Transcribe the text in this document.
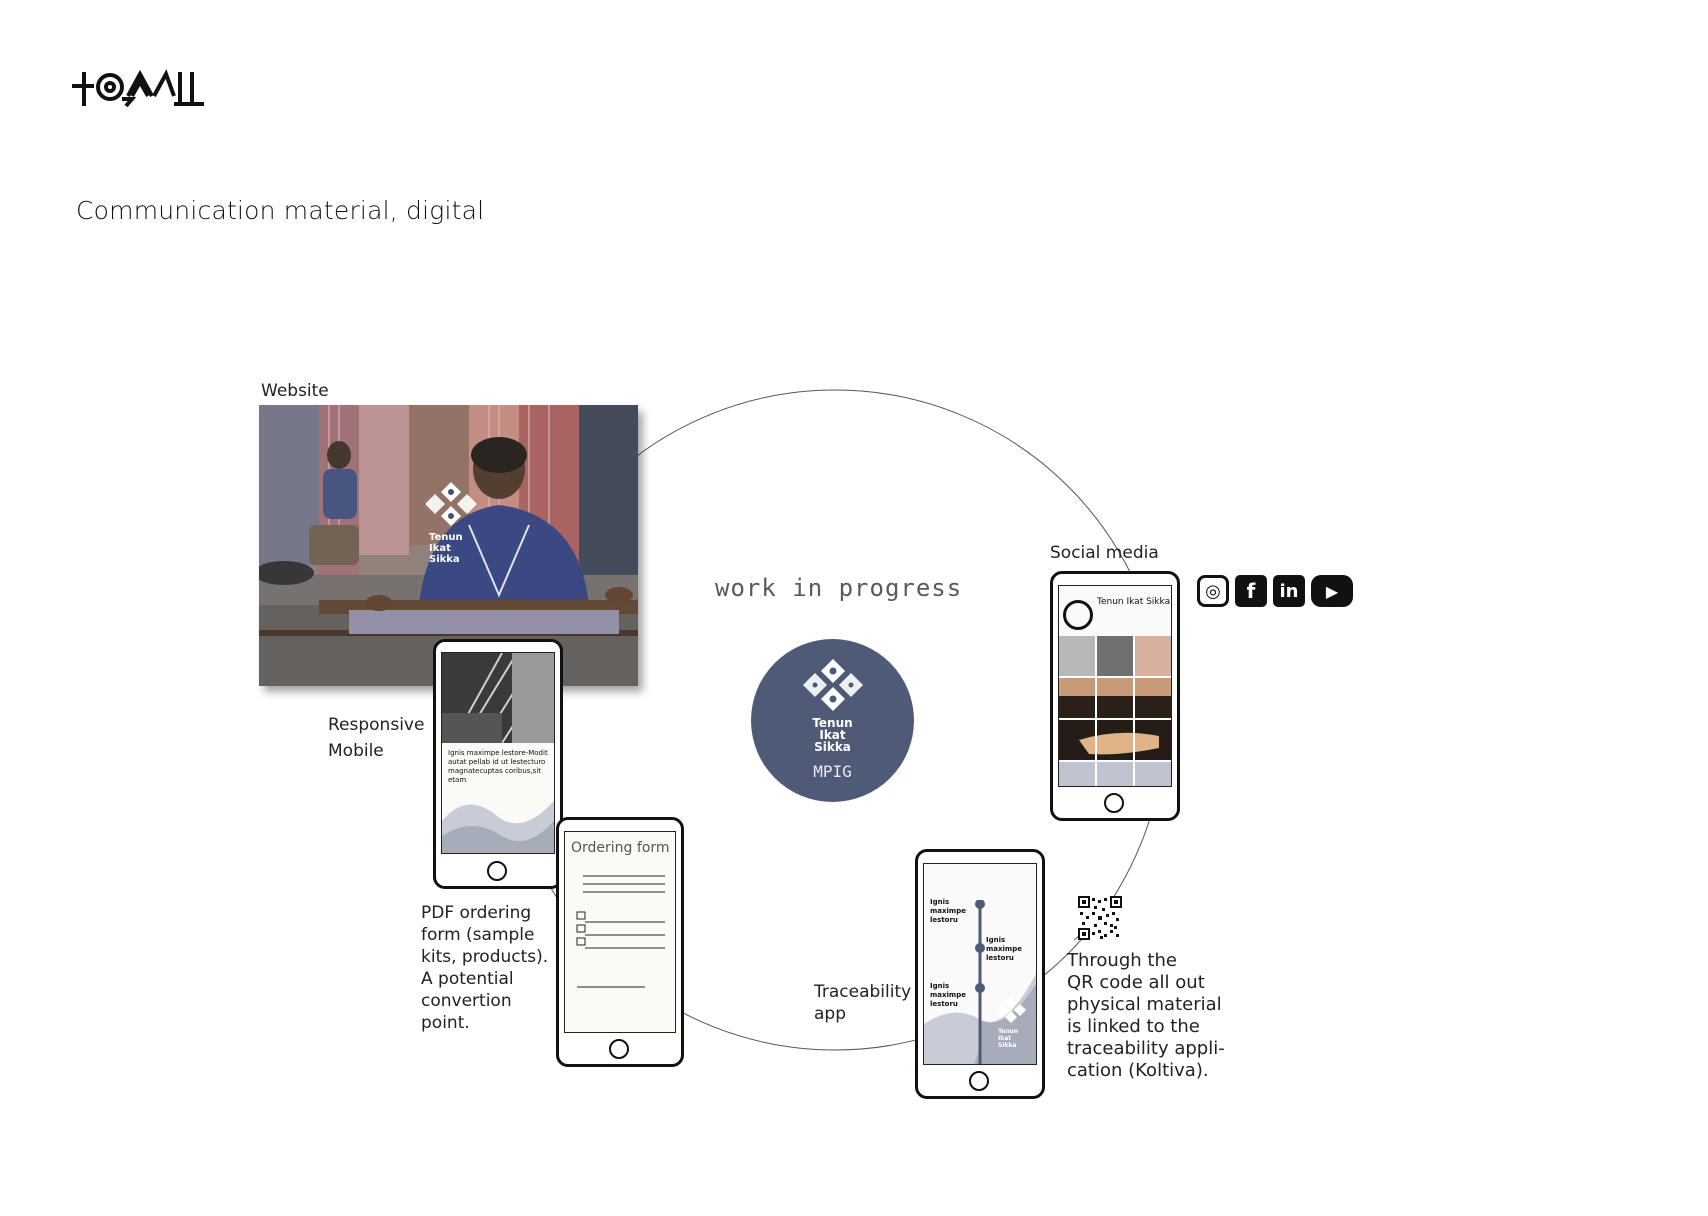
Communication material, digital
Website
Tenun
Ikat
Sikka
Responsive
Mobile	Ignis maximpe lestore-Modit autat pellab id ut lestecturo magnatecuptas coribus,sit etam
Ordering form
PDF ordering
form (sample
kits, products).
A potential
convertion
point.
work in progress
Tenun
Ikat
Sikka
MPIG
Social media
Tenun Ikat Sikka
◎	f	in	▶
Traceability
app
Ignis maximpe lestoru
Ignis maximpe lestoru
Ignis maximpe lestoru
Tenun
Ikat
Sikka
Through the
QR code all out
physical material
is linked to the
traceability appli-
cation (Koltiva).
